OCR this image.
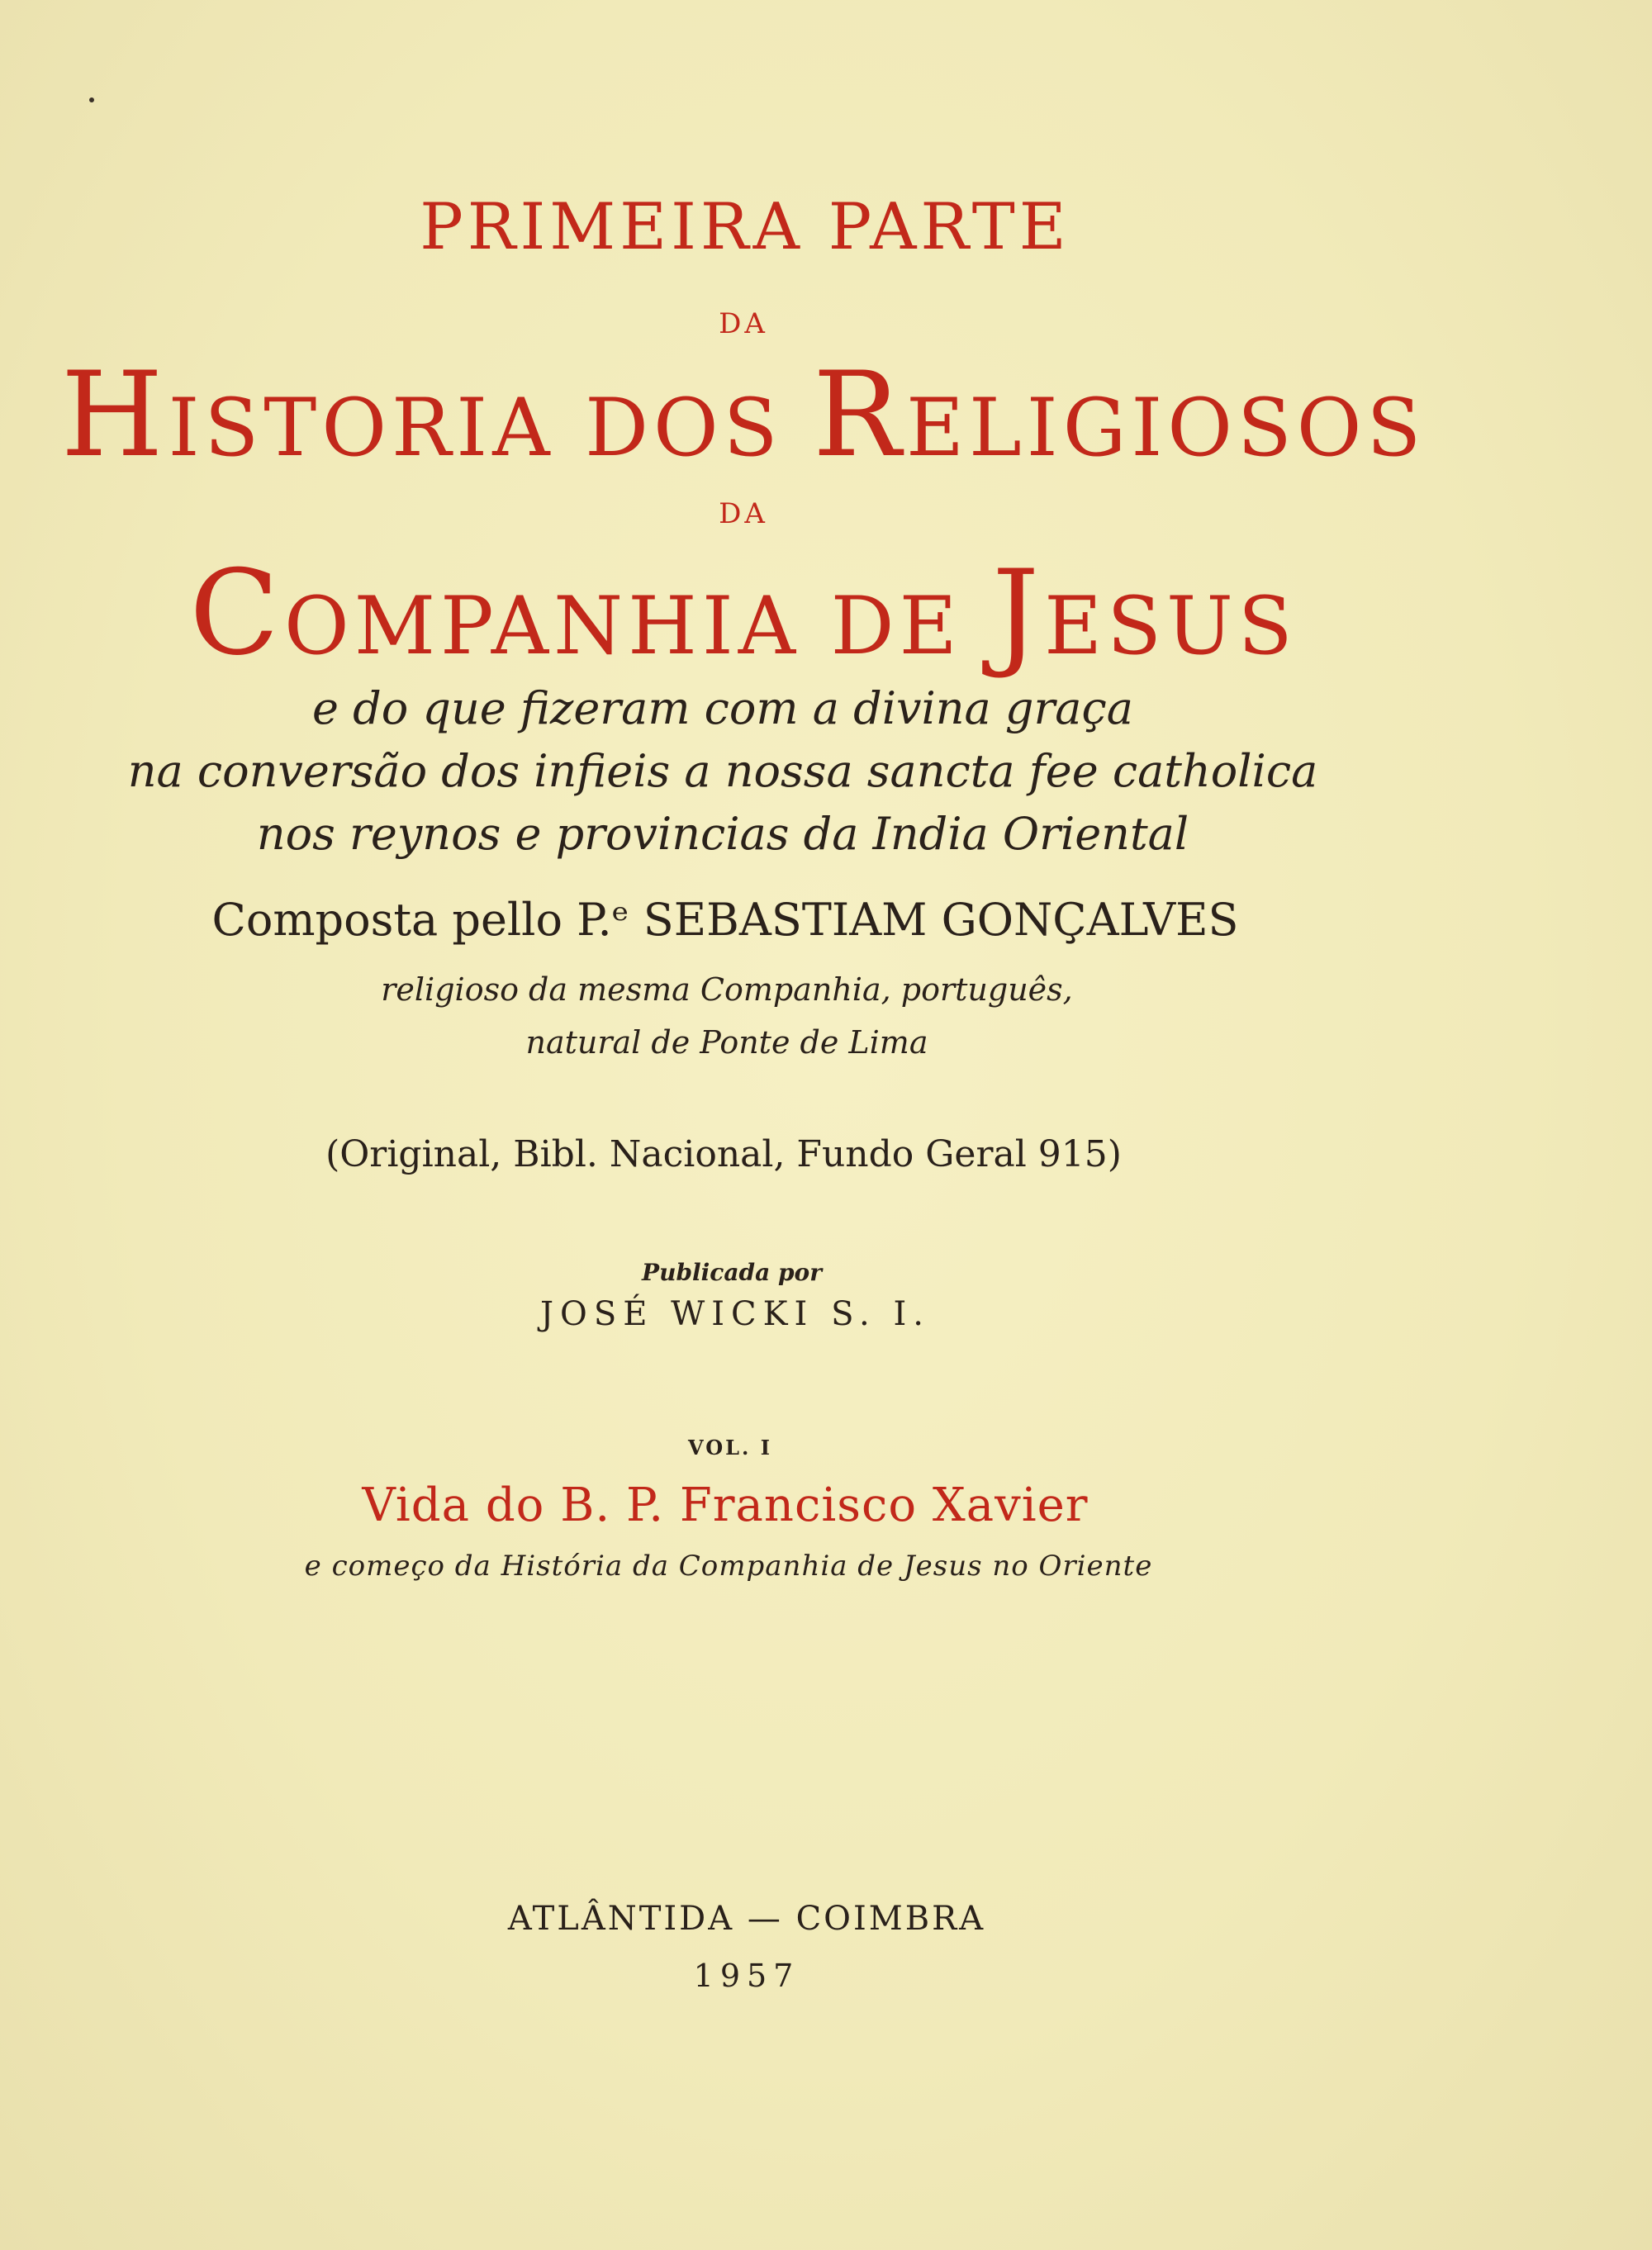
PRIMEIRA PARTE
DA
HISTORIA DOS RELIGIOSOS
DA
COMPANHIA DE JESUS
e do que fizeram com a divina graça
na conversão dos infieis a nossa sancta fee catholica
nos reynos e provincias da India Oriental
Composta pello P.ᵉ SEBASTIAM GONÇALVES
religioso da mesma Companhia, português,
natural de Ponte de Lima
(Original, Bibl. Nacional, Fundo Geral 915)
Publicada por
JOSÉ WICKI S. I.
VOL. I
Vida do B. P. Francisco Xavier
e começo da História da Companhia de Jesus no Oriente
ATLÂNTIDA — COIMBRA
1957
